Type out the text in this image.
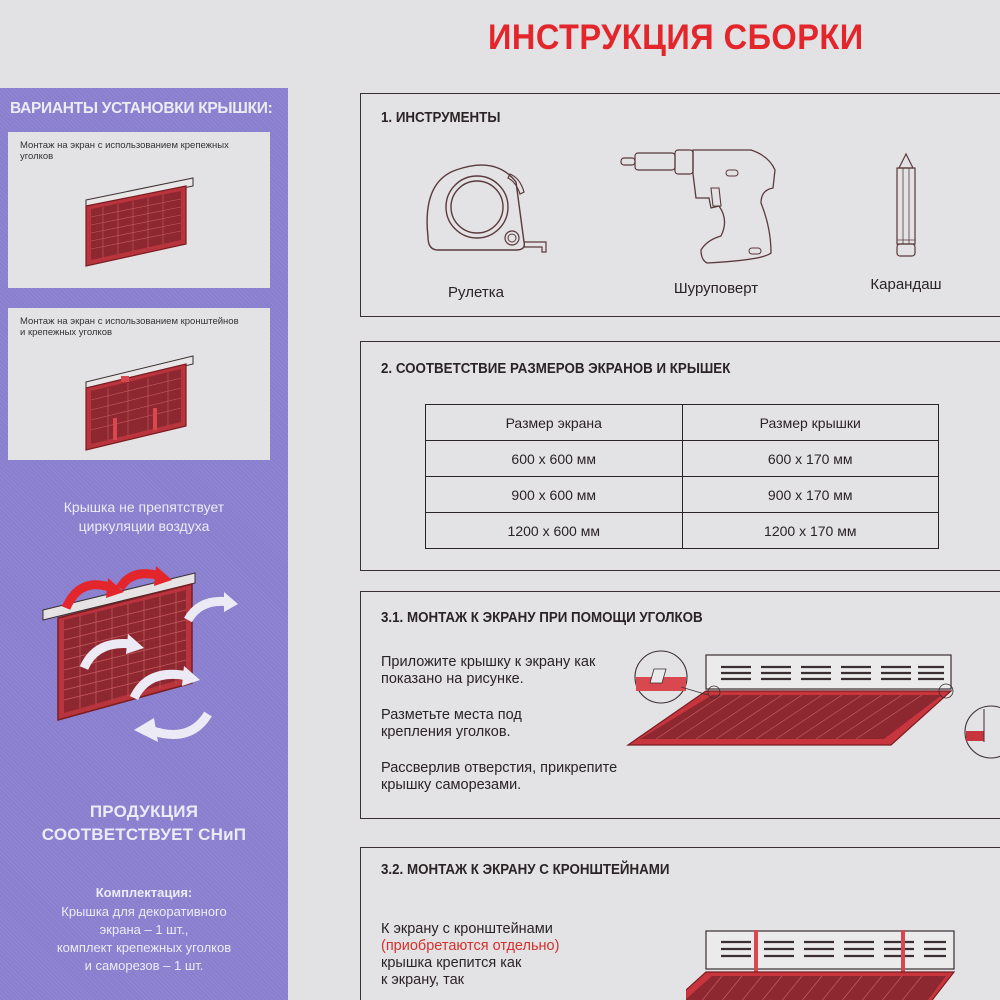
ИНСТРУКЦИЯ СБОРКИ
ВАРИАНТЫ УСТАНОВКИ КРЫШКИ:
Монтаж на экран с использованием крепежных уголков
Монтаж на экран с использованием кронштейнов и крепежных уголков
Крышка не препятствует
циркуляции воздуха
ПРОДУКЦИЯ
СООТВЕТСТВУЕТ СНиП
Комплектация:
Крышка для декоративного
экрана – 1 шт.,
комплект крепежных уголков
и саморезов – 1 шт.
1. ИНСТРУМЕНТЫ
Рулетка	Шуруповерт	Карандаш
2. СООТВЕТСТВИЕ РАЗМЕРОВ ЭКРАНОВ И КРЫШЕК
Размер экрана	Размер крышки
600 x 600 мм	600 x 170 мм
900 x 600 мм	900 x 170 мм
1200 x 600 мм	1200 x 170 мм
3.1. МОНТАЖ К ЭКРАНУ ПРИ ПОМОЩИ УГОЛКОВ
Приложите крышку к экрану как показано на рисунке.
Разметьте места под крепления уголков.
Рассверлив отверстия, прикрепите крышку саморезами.
3.2. МОНТАЖ К ЭКРАНУ С КРОНШТЕЙНАМИ
К экрану с кронштейнами
(приобретаются отдельно)
крышка крепится как
к экрану, так
